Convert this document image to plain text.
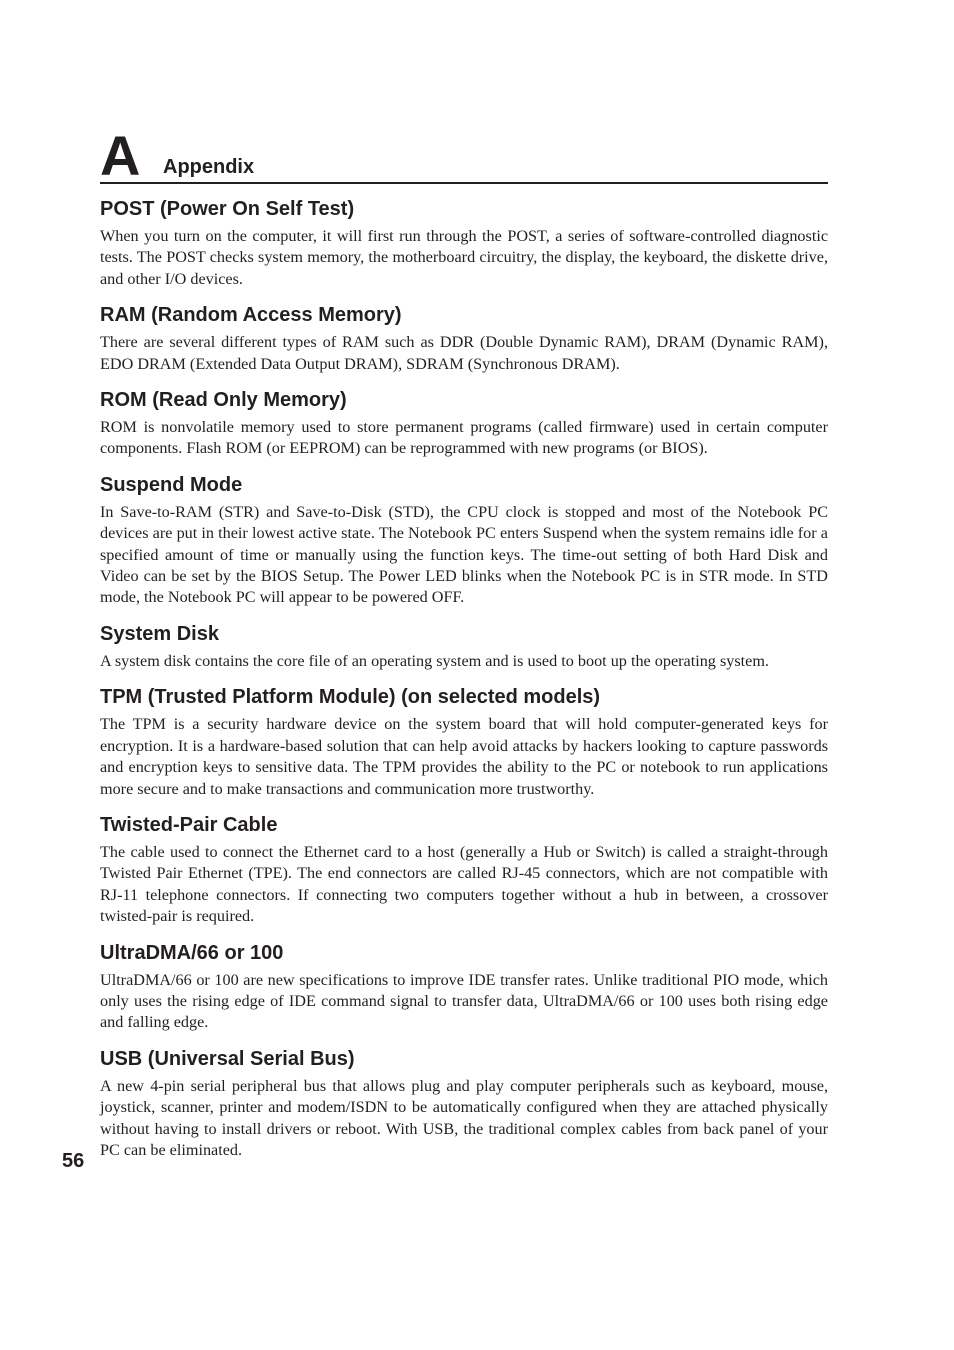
A Appendix
POST (Power On Self Test)

When you turn on the computer, it will first run through the POST, a series of software-controlled diagnostic tests. The POST checks system memory, the motherboard circuitry, the display, the keyboard, the diskette drive, and other I/O devices.

RAM (Random Access Memory)

There are several different types of RAM such as DDR (Double Dynamic RAM), DRAM (Dynamic RAM), EDO DRAM (Extended Data Output DRAM), SDRAM (Synchronous DRAM).

ROM (Read Only Memory)

ROM is nonvolatile memory used to store permanent programs (called firmware) used in certain computer components. Flash ROM (or EEPROM) can be reprogrammed with new programs (or BIOS).

Suspend Mode

In Save-to-RAM (STR) and Save-to-Disk (STD), the CPU clock is stopped and most of the Notebook PC devices are put in their lowest active state. The Notebook PC enters Suspend when the system remains idle for a specified amount of time or manually using the function keys. The time-out setting of both Hard Disk and Video can be set by the BIOS Setup. The Power LED blinks when the Notebook PC is in STR mode. In STD mode, the Notebook PC will appear to be powered OFF.

System Disk

A system disk contains the core file of an operating system and is used to boot up the operating system.

TPM (Trusted Platform Module) (on selected models)

The TPM is a security hardware device on the system board that will hold computer-generated keys for encryption. It is a hardware-based solution that can help avoid attacks by hackers looking to capture passwords and encryption keys to sensitive data. The TPM provides the ability to the PC or notebook to run applications more secure and to make transactions and communication more trustworthy.

Twisted-Pair Cable

The cable used to connect the Ethernet card to a host (generally a Hub or Switch) is called a straight-through Twisted Pair Ethernet (TPE). The end connectors are called RJ-45 connectors, which are not compatible with RJ-11 telephone connectors. If connecting two computers together without a hub in between, a crossover twisted-pair is required.

UltraDMA/66 or 100

UltraDMA/66 or 100 are new specifications to improve IDE transfer rates. Unlike traditional PIO mode, which only uses the rising edge of IDE command signal to transfer data, UltraDMA/66 or 100 uses both rising edge and falling edge.

USB (Universal Serial Bus)

A new 4-pin serial peripheral bus that allows plug and play computer peripherals such as keyboard, mouse, joystick, scanner, printer and modem/ISDN to be automatically configured when they are attached physically without having to install drivers or reboot. With USB, the traditional complex cables from back panel of your PC can be eliminated.

56
